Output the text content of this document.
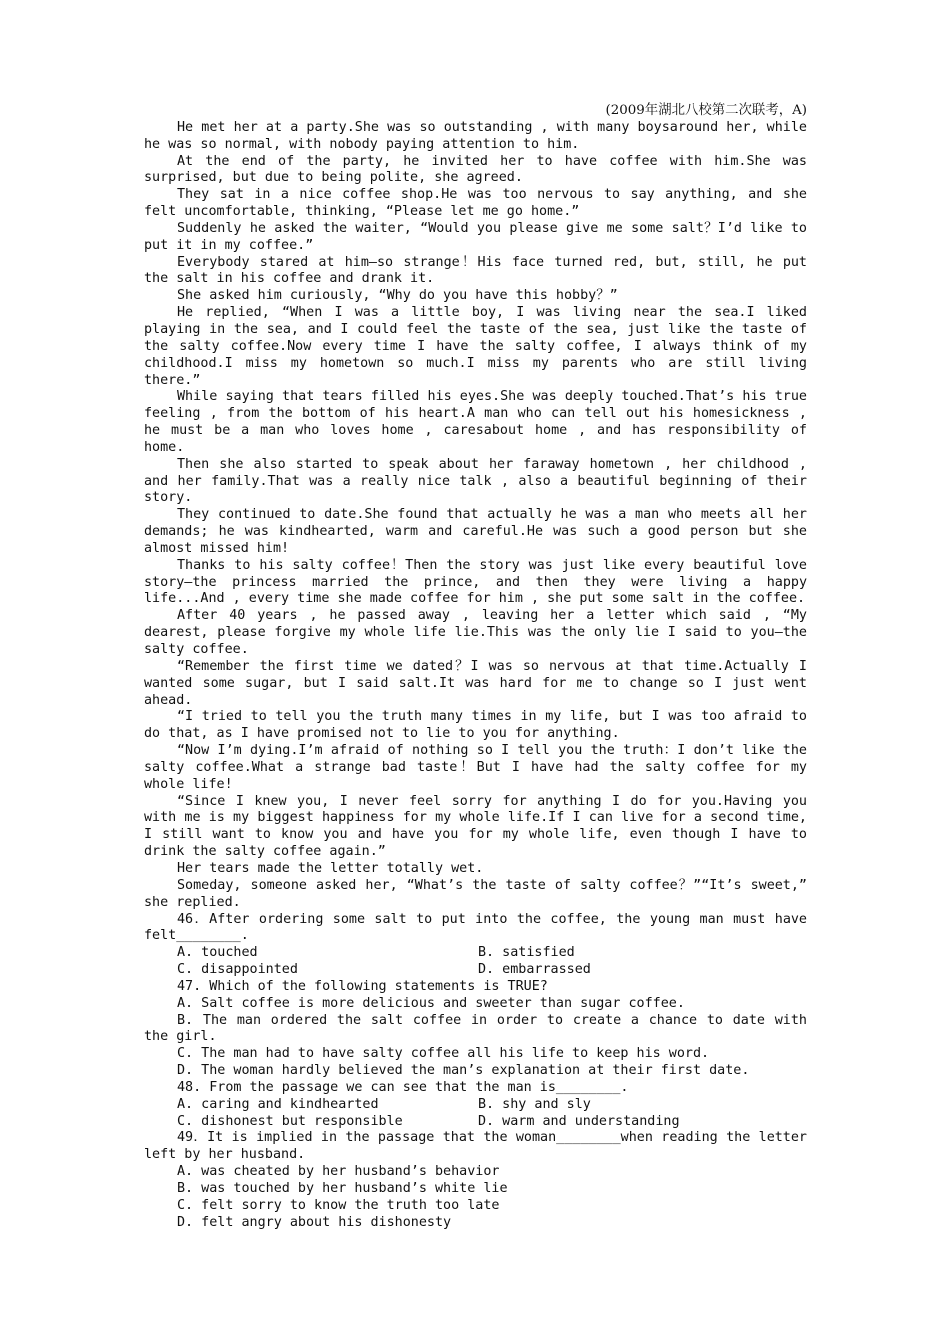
(2009年湖北八校第二次联考，A)

He met her at a party.She was so outstanding , with many boysaround her, while he was so normal, with nobody paying attention to him.

At the end of the party, he invited her to have coffee with him.She was surprised, but due to being polite, she agreed.

They sat in a nice coffee shop.He was too nervous to say anything, and she felt uncomfortable, thinking, “Please let me go home.”

Suddenly he asked the waiter, “Would you please give me some salt？I’d like to put it in my coffee.”

Everybody stared at him—so strange！His face turned red, but, still, he put the salt in his coffee and drank it.

She asked him curiously, “Why do you have this hobby？”

He replied, “When I was a little boy, I was living near the sea.I liked playing in the sea, and I could feel the taste of the sea, just like the taste of the salty coffee.Now every time I have the salty coffee, I always think of my childhood.I miss my hometown so much.I miss my parents who are still living there.”

While saying that tears filled his eyes.She was deeply touched.That’s his true feeling , from the bottom of his heart.A man who can tell out his homesickness , he must be a man who loves home , caresabout home , and has responsibility of home.

Then she also started to speak about her faraway hometown , her childhood , and her family.That was a really nice talk , also a beautiful beginning of their story.

They continued to date.She found that actually he was a man who meets all her demands; he was kindhearted, warm and careful.He was such a good person but she almost missed him!

Thanks to his salty coffee！Then the story was just like every beautiful love story—the princess married the prince, and then they were living a happy life...And , every time she made coffee for him , she put some salt in the coffee.

After 40 years , he passed away , leaving her a letter which said , “My dearest, please forgive my whole life lie.This was the only lie I said to you—the salty coffee.

“Remember the first time we dated？I was so nervous at that time.Actually I wanted some sugar, but I said salt.It was hard for me to change so I just went ahead.

“I tried to tell you the truth many times in my life, but I was too afraid to do that, as I have promised not to lie to you for anything.

“Now I’m dying.I’m afraid of nothing so I tell you the truth：I don’t like the salty coffee.What a strange bad taste！But I have had the salty coffee for my whole life!

“Since I knew you, I never feel sorry for anything I do for you.Having you with me is my biggest happiness for my whole life.If I can live for a second time, I still want to know you and have you for my whole life, even though I have to drink the salty coffee again.”

Her tears made the letter totally wet.

Someday, someone asked her, “What’s the taste of salty coffee？”“It’s sweet,” she replied.

46．After ordering some salt to put into the coffee, the young man must have felt________.

A. touched	B. satisfied
C. disappointed	D. embarrassed

47. Which of the following statements is TRUE?

A. Salt coffee is more delicious and sweeter than sugar coffee.

B. The man ordered the salt coffee in order to create a chance to date with the girl.

C. The man had to have salty coffee all his life to keep his word.

D. The woman hardly believed the man’s explanation at their first date.

48. From the passage we can see that the man is________.

A. caring and kindhearted	B. shy and sly
C. dishonest but responsible	D. warm and understanding

49．It is implied in the passage that the woman________when reading the letter left by her husband.

A. was cheated by her husband’s behavior

B. was touched by her husband’s white lie

C. felt sorry to know the truth too late

D. felt angry about his dishonesty
